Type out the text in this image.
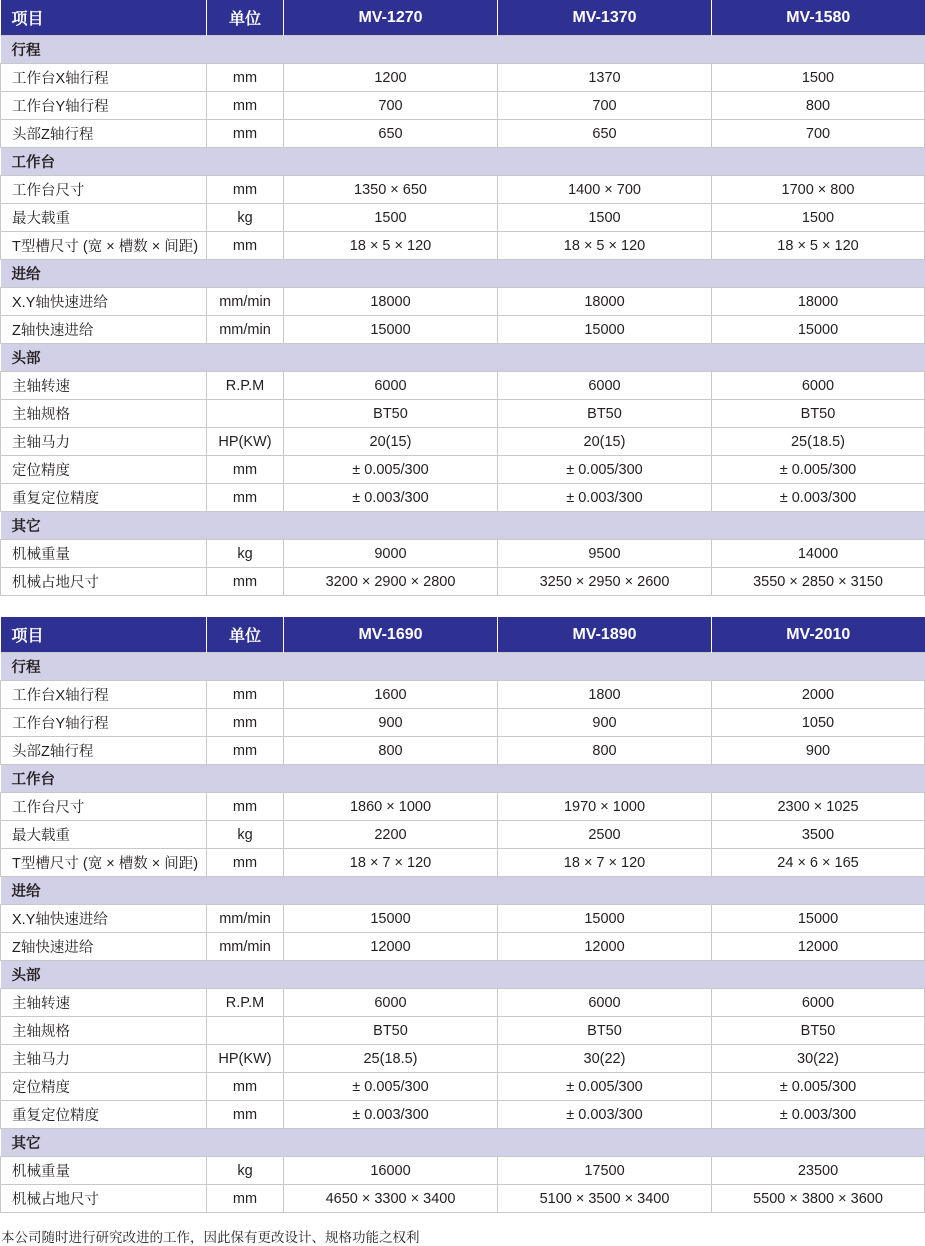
项目	单位	MV-1270	MV-1370	MV-1580
行程				
工作台X轴行程	mm	1200	1370	1500
工作台Y轴行程	mm	700	700	800
头部Z轴行程	mm	650	650	700
工作台				
工作台尺寸	mm	1350 × 650	1400 × 700	1700 × 800
最大载重	kg	1500	1500	1500
T型槽尺寸 (宽 × 槽数 × 间距)	mm	18 × 5 × 120	18 × 5 × 120	18 × 5 × 120
进给				
X.Y轴快速进给	mm/min	18000	18000	18000
Z轴快速进给	mm/min	15000	15000	15000
头部				
主轴转速	R.P.M	6000	6000	6000
主轴规格		BT50	BT50	BT50
主轴马力	HP(KW)	20(15)	20(15)	25(18.5)
定位精度	mm	± 0.005/300	± 0.005/300	± 0.005/300
重复定位精度	mm	± 0.003/300	± 0.003/300	± 0.003/300
其它				
机械重量	kg	9000	9500	14000
机械占地尺寸	mm	3200 × 2900 × 2800	3250 × 2950 × 2600	3550 × 2850 × 3150
项目	单位	MV-1690	MV-1890	MV-2010
行程				
工作台X轴行程	mm	1600	1800	2000
工作台Y轴行程	mm	900	900	1050
头部Z轴行程	mm	800	800	900
工作台				
工作台尺寸	mm	1860 × 1000	1970 × 1000	2300 × 1025
最大载重	kg	2200	2500	3500
T型槽尺寸 (宽 × 槽数 × 间距)	mm	18 × 7 × 120	18 × 7 × 120	24 × 6 × 165
进给				
X.Y轴快速进给	mm/min	15000	15000	15000
Z轴快速进给	mm/min	12000	12000	12000
头部				
主轴转速	R.P.M	6000	6000	6000
主轴规格		BT50	BT50	BT50
主轴马力	HP(KW)	25(18.5)	30(22)	30(22)
定位精度	mm	± 0.005/300	± 0.005/300	± 0.005/300
重复定位精度	mm	± 0.003/300	± 0.003/300	± 0.003/300
其它				
机械重量	kg	16000	17500	23500
机械占地尺寸	mm	4650 × 3300 × 3400	5100 × 3500 × 3400	5500 × 3800 × 3600
本公司随时进行研究改进的工作，因此保有更改设计、规格功能之权利
